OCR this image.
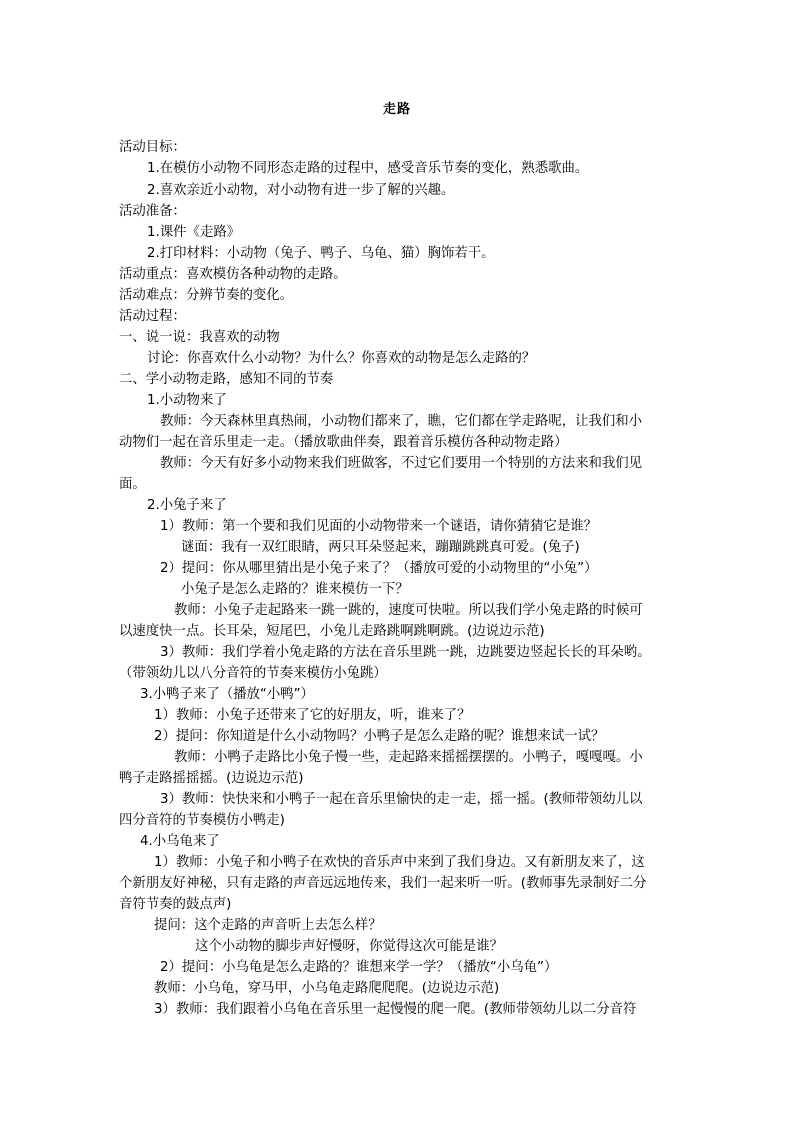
走路

活动目标：

1.在模仿小动物不同形态走路的过程中，感受音乐节奏的变化，熟悉歌曲。

2.喜欢亲近小动物，对小动物有进一步了解的兴趣。

活动准备：

1.课件《走路》

2.打印材料：小动物（兔子、鸭子、乌龟、猫）胸饰若干。

活动重点：喜欢模仿各种动物的走路。

活动难点：分辨节奏的变化。

活动过程：

一、说一说：我喜欢的动物

讨论：你喜欢什么小动物？为什么？你喜欢的动物是怎么走路的？

二、学小动物走路，感知不同的节奏

1.小动物来了

教师：今天森林里真热闹，小动物们都来了，瞧，它们都在学走路呢，让我们和小

动物们一起在音乐里走一走。（播放歌曲伴奏，跟着音乐模仿各种动物走路）

教师：今天有好多小动物来我们班做客，不过它们要用一个特别的方法来和我们见

面。

2.小兔子来了

1）教师：第一个要和我们见面的小动物带来一个谜语，请你猜猜它是谁？

谜面：我有一双红眼睛，两只耳朵竖起来，蹦蹦跳跳真可爱。(兔子)

2）提问：你从哪里猜出是小兔子来了？（播放可爱的小动物里的“小兔”）

小兔子是怎么走路的？谁来模仿一下？

教师：小兔子走起路来一跳一跳的，速度可快啦。所以我们学小兔走路的时候可

以速度快一点。长耳朵，短尾巴，小兔儿走路跳啊跳啊跳。(边说边示范)

3）教师：我们学着小兔走路的方法在音乐里跳一跳，边跳要边竖起长长的耳朵哟。

（带领幼儿以八分音符的节奏来模仿小兔跳）

3.小鸭子来了（播放“小鸭”）

1）教师：小兔子还带来了它的好朋友，听，谁来了？

2）提问：你知道是什么小动物吗？小鸭子是怎么走路的呢？谁想来试一试？

教师：小鸭子走路比小兔子慢一些，走起路来摇摇摆摆的。小鸭子，嘎嘎嘎。小

鸭子走路摇摇摇。(边说边示范)

3）教师：快快来和小鸭子一起在音乐里愉快的走一走，摇一摇。(教师带领幼儿以

四分音符的节奏模仿小鸭走)

4.小乌龟来了

1）教师：小兔子和小鸭子在欢快的音乐声中来到了我们身边。又有新朋友来了，这

个新朋友好神秘，只有走路的声音远远地传来，我们一起来听一听。(教师事先录制好二分

音符节奏的鼓点声)

提问：这个走路的声音听上去怎么样？

这个小动物的脚步声好慢呀，你觉得这次可能是谁？

2）提问：小乌龟是怎么走路的？谁想来学一学？（播放“小乌龟”）

教师：小乌龟，穿马甲，小乌龟走路爬爬爬。(边说边示范)

3）教师：我们跟着小乌龟在音乐里一起慢慢的爬一爬。(教师带领幼儿以二分音符
